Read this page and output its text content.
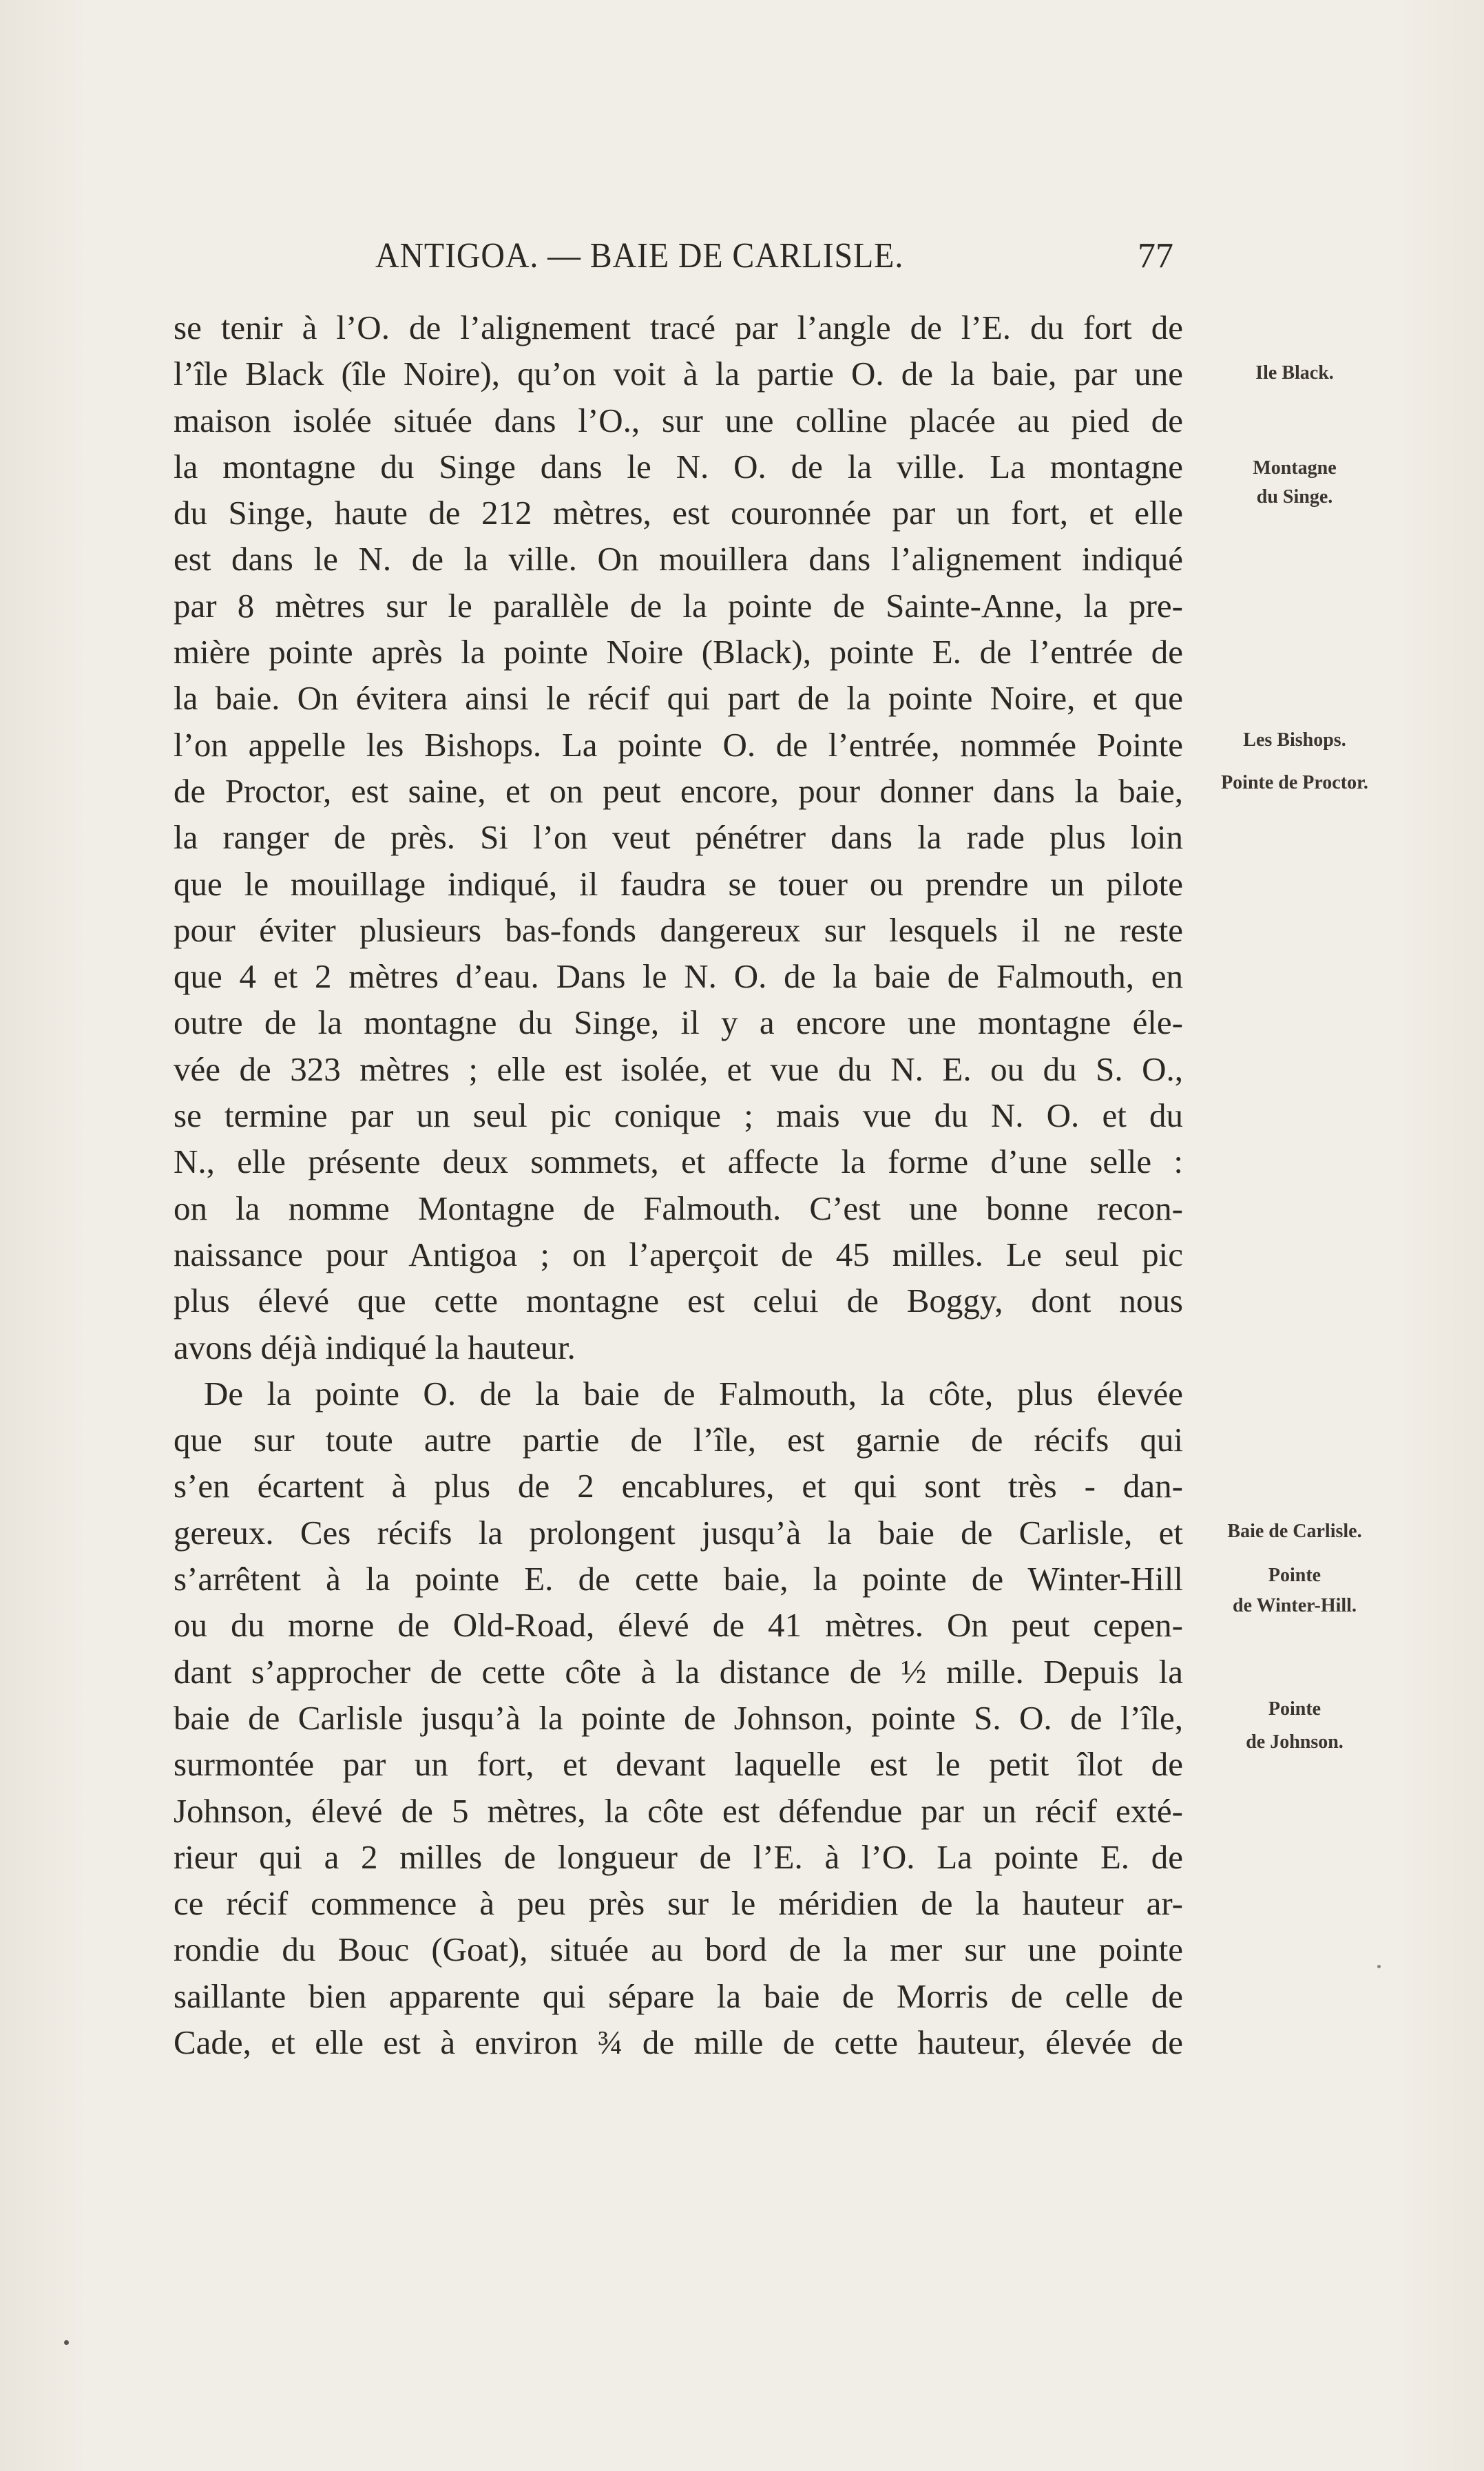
ANTIGOA. — BAIE DE CARLISLE.	77
se tenir à l’O. de l’alignement tracé par l’angle de l’E. du fort de
l’île Black (île Noire), qu’on voit à la partie O. de la baie, par une
maison isolée située dans l’O., sur une colline placée au pied de
la montagne du Singe dans le N. O. de la ville. La montagne
du Singe, haute de 212 mètres, est couronnée par un fort, et elle
est dans le N. de la ville. On mouillera dans l’alignement indiqué
par 8 mètres sur le parallèle de la pointe de Sainte-Anne, la pre-
mière pointe après la pointe Noire (Black), pointe E. de l’entrée de
la baie. On évitera ainsi le récif qui part de la pointe Noire, et que
l’on appelle les Bishops. La pointe O. de l’entrée, nommée Pointe
de Proctor, est saine, et on peut encore, pour donner dans la baie,
la ranger de près. Si l’on veut pénétrer dans la rade plus loin
que le mouillage indiqué, il faudra se touer ou prendre un pilote
pour éviter plusieurs bas-fonds dangereux sur lesquels il ne reste
que 4 et 2 mètres d’eau. Dans le N. O. de la baie de Falmouth, en
outre de la montagne du Singe, il y a encore une montagne éle-
vée de 323 mètres ; elle est isolée, et vue du N. E. ou du S. O.,
se termine par un seul pic conique ; mais vue du N. O. et du
N., elle présente deux sommets, et affecte la forme d’une selle :
on la nomme Montagne de Falmouth. C’est une bonne recon-
naissance pour Antigoa ; on l’aperçoit de 45 milles. Le seul pic
plus élevé que cette montagne est celui de Boggy, dont nous
avons déjà indiqué la hauteur.
De la pointe O. de la baie de Falmouth, la côte, plus élevée
que sur toute autre partie de l’île, est garnie de récifs qui
s’en écartent à plus de 2 encablures, et qui sont très - dan-
gereux. Ces récifs la prolongent jusqu’à la baie de Carlisle, et
s’arrêtent à la pointe E. de cette baie, la pointe de Winter-Hill
ou du morne de Old-Road, élevé de 41 mètres. On peut cepen-
dant s’approcher de cette côte à la distance de ½ mille. Depuis la
baie de Carlisle jusqu’à la pointe de Johnson, pointe S. O. de l’île,
surmontée par un fort, et devant laquelle est le petit îlot de
Johnson, élevé de 5 mètres, la côte est défendue par un récif exté-
rieur qui a 2 milles de longueur de l’E. à l’O. La pointe E. de
ce récif commence à peu près sur le méridien de la hauteur ar-
rondie du Bouc (Goat), située au bord de la mer sur une pointe
saillante bien apparente qui sépare la baie de Morris de celle de
Cade, et elle est à environ ¾ de mille de cette hauteur, élevée de
Ile Black.
Montagne
du Singe.
Les Bishops.
Pointe de Proctor.
Baie de Carlisle.
Pointe
de Winter-Hill.
Pointe
de Johnson.
